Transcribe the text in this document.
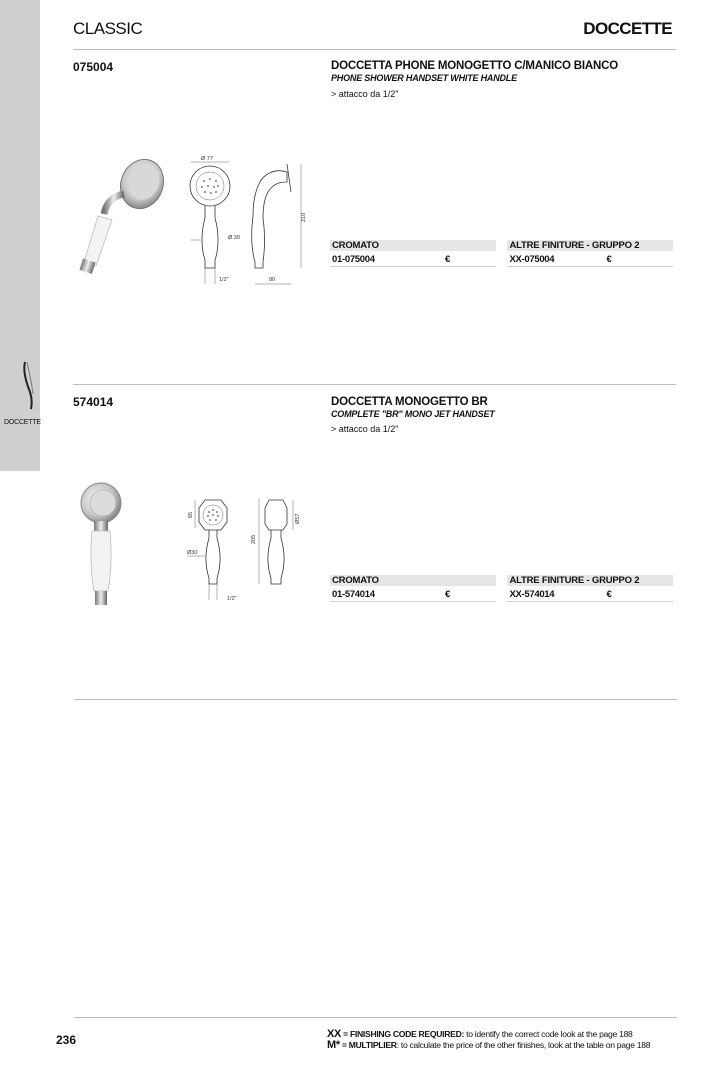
DOCCETTE
CLASSIC	DOCCETTE
075004	DOCCETTA PHONE MONOGETTO C/MANICO BIANCO
PHONE SHOWER HANDSET WHITE HANDLE
> attacco da 1/2"
Ø 77
1/2"
Ø 30
210
80
CROMATO	ALTRE FINITURE - GRUPPO 2
01-075004	€	XX-075004	€
574014	DOCCETTA MONOGETTO BR
COMPLETE "BR" MONO JET HANDSET
> attacco da 1/2"
65
1/2"
Ø30
205
Ø57
CROMATO	ALTRE FINITURE - GRUPPO 2
01-574014	€	XX-574014	€
236	XX = FINISHING CODE REQUIRED: to identify the correct code look at the page 188
M* = MULTIPLIER: to calculate the price of the other finishes, look at the table on page 188
